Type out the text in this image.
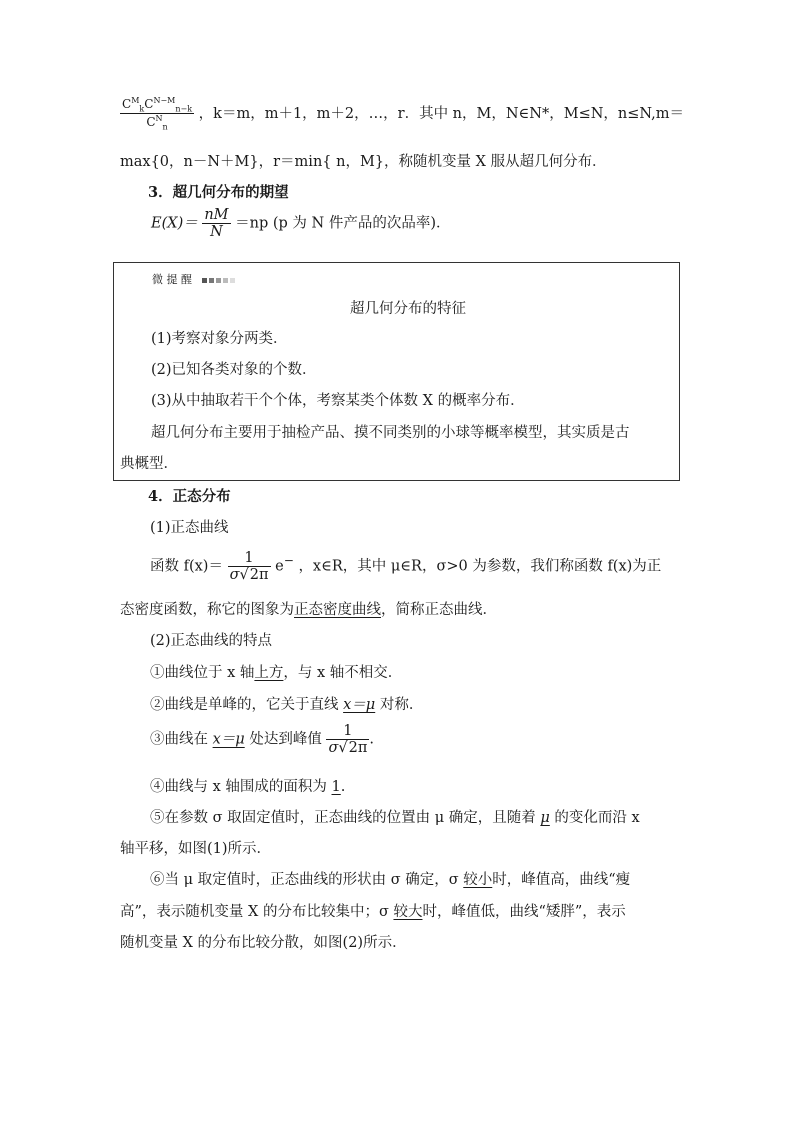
$\frac{C^M_kC^{N-M}_{n-k}}{C^N_n}$ ，k＝m，m＋1，m＋2，…，r．其中 n，M，N∈N*，M≤N，n≤N,m＝
max{0，n－N＋M}，r＝min{ n，M}，称随机变量 X 服从超几何分布．
3．超几何分布的期望
$E(X)= \frac{nM}{N} =np$ (p 为 N 件产品的次品率)．
微 提 醒
超几何分布的特征
(1)考察对象分两类．
(2)已知各类对象的个数．
(3)从中抽取若干个个体，考察某类个体数 X 的概率分布．
超几何分布主要用于抽检产品、摸不同类别的小球等概率模型，其实质是古
典概型．
4．正态分布
(1)正态曲线
函数 $f(x)= \frac{1}{\sigma√2\pi} e^-$ ，x∈R，其中 μ∈R，σ>0 为参数，我们称函数 f(x)为正
态密度函数，称它的图象为正态密度曲线，简称正态曲线．
(2)正态曲线的特点
①曲线位于 x 轴上方，与 x 轴不相交．
②曲线是单峰的，它关于直线 x＝μ 对称．
③曲线在 x＝μ 处达到峰值 $\frac{1}{\sigma√2\pi}$ .
④曲线与 x 轴围成的面积为 1.
⑤在参数 σ 取固定值时，正态曲线的位置由 μ 确定，且随着 μ 的变化而沿 x
轴平移，如图(1)所示．
⑥当 μ 取定值时，正态曲线的形状由 σ 确定，σ 较小时，峰值高，曲线“瘦
高”，表示随机变量 X 的分布比较集中；σ 较大时，峰值低，曲线“矮胖”，表示
随机变量 X 的分布比较分散，如图(2)所示．
